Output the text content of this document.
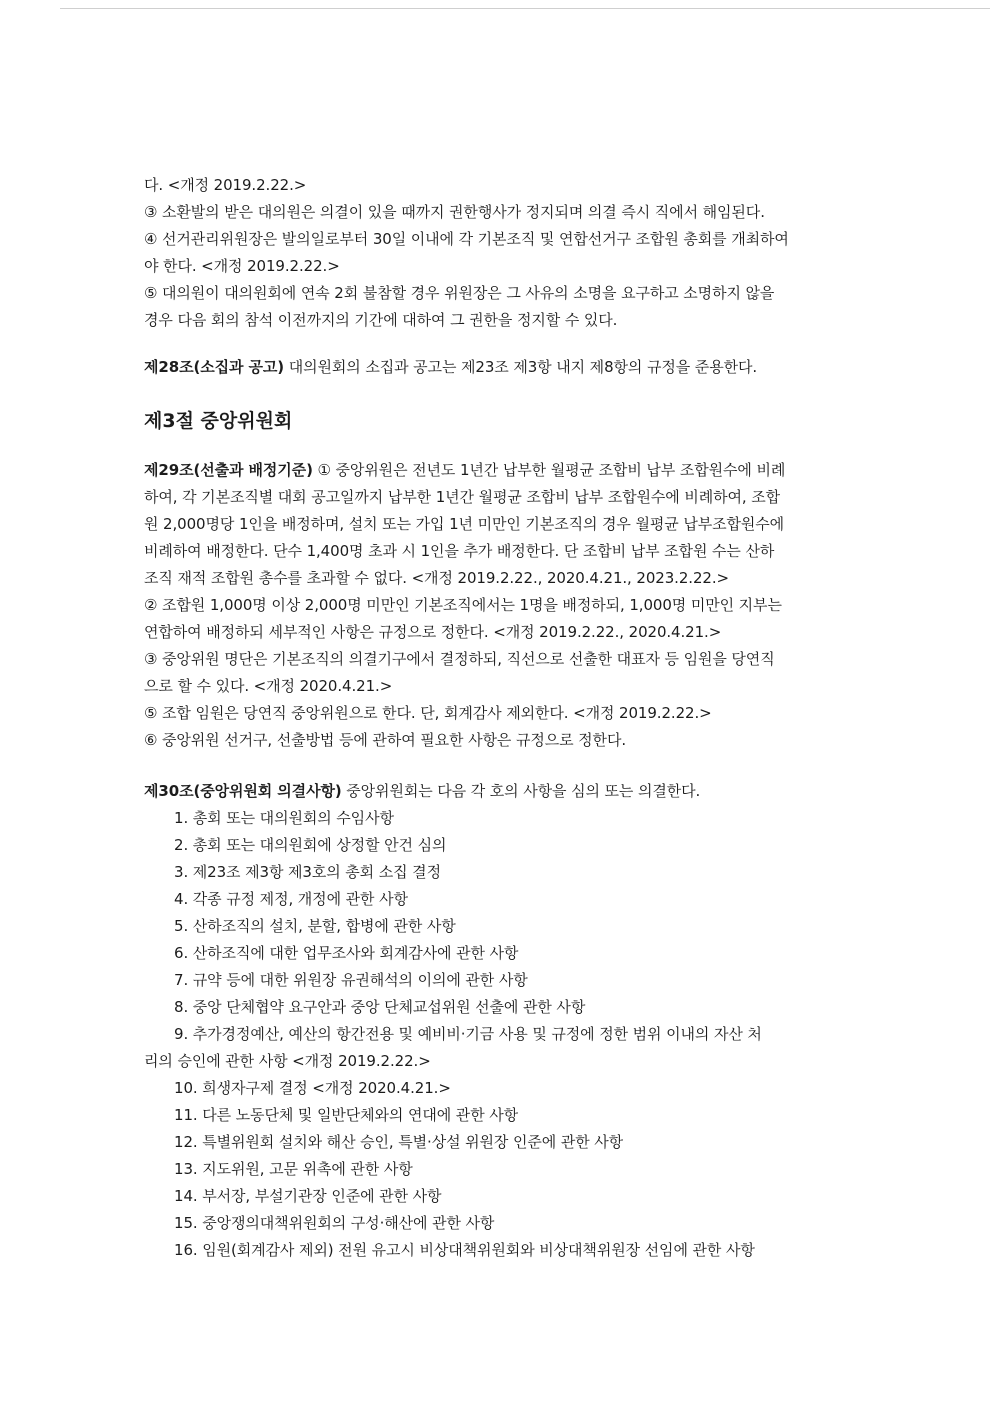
다. <개정 2019.2.22.>
③ 소환발의 받은 대의원은 의결이 있을 때까지 권한행사가 정지되며 의결 즉시 직에서 해임된다.
④ 선거관리위원장은 발의일로부터 30일 이내에 각 기본조직 및 연합선거구 조합원 총회를 개최하여
야 한다. <개정 2019.2.22.>
⑤ 대의원이 대의원회에 연속 2회 불참할 경우 위원장은 그 사유의 소명을 요구하고 소명하지 않을
경우 다음 회의 참석 이전까지의 기간에 대하여 그 권한을 정지할 수 있다.
제28조(소집과 공고) 대의원회의 소집과 공고는 제23조 제3항 내지 제8항의 규정을 준용한다.
제3절 중앙위원회
제29조(선출과 배정기준) ① 중앙위원은 전년도 1년간 납부한 월평균 조합비 납부 조합원수에 비례
하여, 각 기본조직별 대회 공고일까지 납부한 1년간 월평균 조합비 납부 조합원수에 비례하여, 조합
원 2,000명당 1인을 배정하며, 설치 또는 가입 1년 미만인 기본조직의 경우 월평균 납부조합원수에
비례하여 배정한다. 단수 1,400명 초과 시 1인을 추가 배정한다. 단 조합비 납부 조합원 수는 산하
조직 재적 조합원 총수를 초과할 수 없다. <개정 2019.2.22., 2020.4.21., 2023.2.22.>
② 조합원 1,000명 이상 2,000명 미만인 기본조직에서는 1명을 배정하되, 1,000명 미만인 지부는
연합하여 배정하되 세부적인 사항은 규정으로 정한다. <개정 2019.2.22., 2020.4.21.>
③ 중앙위원 명단은 기본조직의 의결기구에서 결정하되, 직선으로 선출한 대표자 등 임원을 당연직
으로 할 수 있다. <개정 2020.4.21.>
⑤ 조합 임원은 당연직 중앙위원으로 한다. 단, 회계감사 제외한다. <개정 2019.2.22.>
⑥ 중앙위원 선거구, 선출방법 등에 관하여 필요한 사항은 규정으로 정한다.
제30조(중앙위원회 의결사항) 중앙위원회는 다음 각 호의 사항을 심의 또는 의결한다.
1. 총회 또는 대의원회의 수임사항
2. 총회 또는 대의원회에 상정할 안건 심의
3. 제23조 제3항 제3호의 총회 소집 결정
4. 각종 규정 제정, 개정에 관한 사항
5. 산하조직의 설치, 분할, 합병에 관한 사항
6. 산하조직에 대한 업무조사와 회계감사에 관한 사항
7. 규약 등에 대한 위원장 유권해석의 이의에 관한 사항
8. 중앙 단체협약 요구안과 중앙 단체교섭위원 선출에 관한 사항
9. 추가경정예산, 예산의 항간전용 및 예비비·기금 사용 및 규정에 정한 범위 이내의 자산 처
리의 승인에 관한 사항 <개정 2019.2.22.>
10. 희생자구제 결정 <개정 2020.4.21.>
11. 다른 노동단체 및 일반단체와의 연대에 관한 사항
12. 특별위원회 설치와 해산 승인, 특별·상설 위원장 인준에 관한 사항
13. 지도위원, 고문 위촉에 관한 사항
14. 부서장, 부설기관장 인준에 관한 사항
15. 중앙쟁의대책위원회의 구성·해산에 관한 사항
16. 임원(회계감사 제외) 전원 유고시 비상대책위원회와 비상대책위원장 선임에 관한 사항
